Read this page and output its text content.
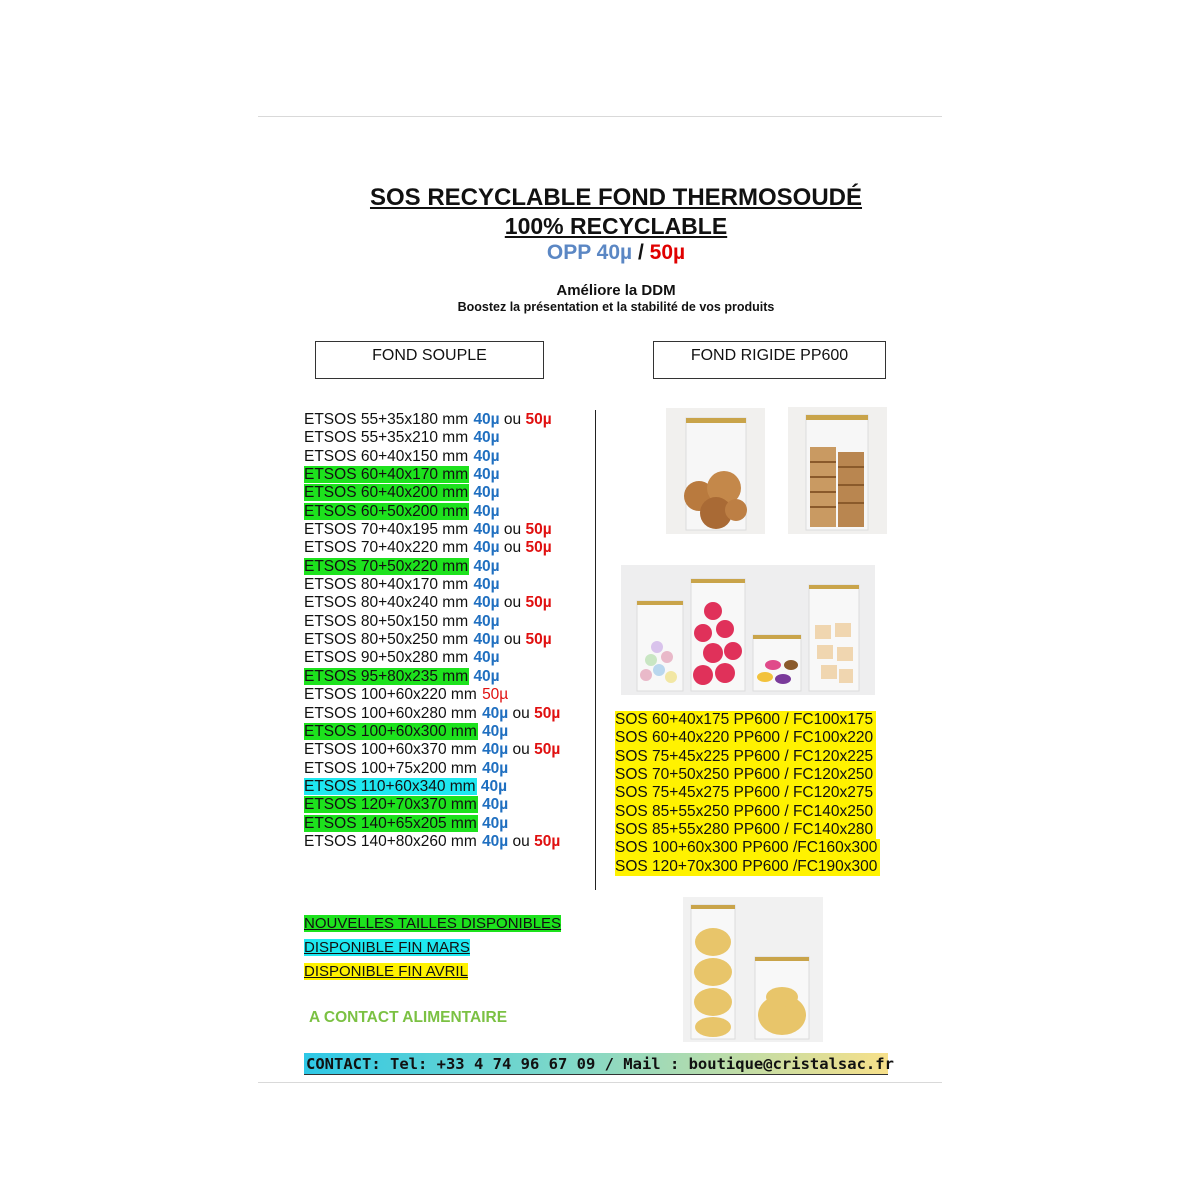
SOS RECYCLABLE FOND THERMOSOUDÉ
100% RECYCLABLE
OPP 40µ / 50µ
Améliore la DDM
Boostez la présentation et la stabilité de vos produits
FOND SOUPLE	FOND RIGIDE PP600
ETSOS 55+35x180 mm 40µ ou 50µ
ETSOS 55+35x210 mm 40µ
ETSOS 60+40x150 mm 40µ
ETSOS 60+40x170 mm 40µ
ETSOS 60+40x200 mm 40µ
ETSOS 60+50x200 mm 40µ
ETSOS 70+40x195 mm 40µ ou 50µ
ETSOS 70+40x220 mm 40µ ou 50µ
ETSOS 70+50x220 mm 40µ
ETSOS 80+40x170 mm 40µ
ETSOS 80+40x240 mm 40µ ou 50µ
ETSOS 80+50x150 mm 40µ
ETSOS 80+50x250 mm 40µ ou 50µ
ETSOS 90+50x280 mm 40µ
ETSOS 95+80x235 mm 40µ
ETSOS 100+60x220 mm 50µ
ETSOS 100+60x280 mm 40µ ou 50µ
ETSOS 100+60x300 mm 40µ
ETSOS 100+60x370 mm 40µ ou 50µ
ETSOS 100+75x200 mm 40µ
ETSOS 110+60x340 mm 40µ
ETSOS 120+70x370 mm 40µ
ETSOS 140+65x205 mm 40µ
ETSOS 140+80x260 mm 40µ ou 50µ
SOS 60+40x175 PP600 / FC100x175
SOS 60+40x220 PP600 / FC100x220
SOS 75+45x225 PP600 / FC120x225
SOS 70+50x250 PP600 / FC120x250
SOS 75+45x275 PP600 / FC120x275
SOS 85+55x250 PP600 / FC140x250
SOS 85+55x280 PP600 / FC140x280
SOS 100+60x300 PP600 /FC160x300
SOS 120+70x300 PP600 /FC190x300
NOUVELLES TAILLES DISPONIBLES
DISPONIBLE FIN MARS
DISPONIBLE FIN AVRIL
A CONTACT ALIMENTAIRE
CONTACT: Tel: +33 4 74 96 67 09 / Mail : boutique@cristalsac.fr
